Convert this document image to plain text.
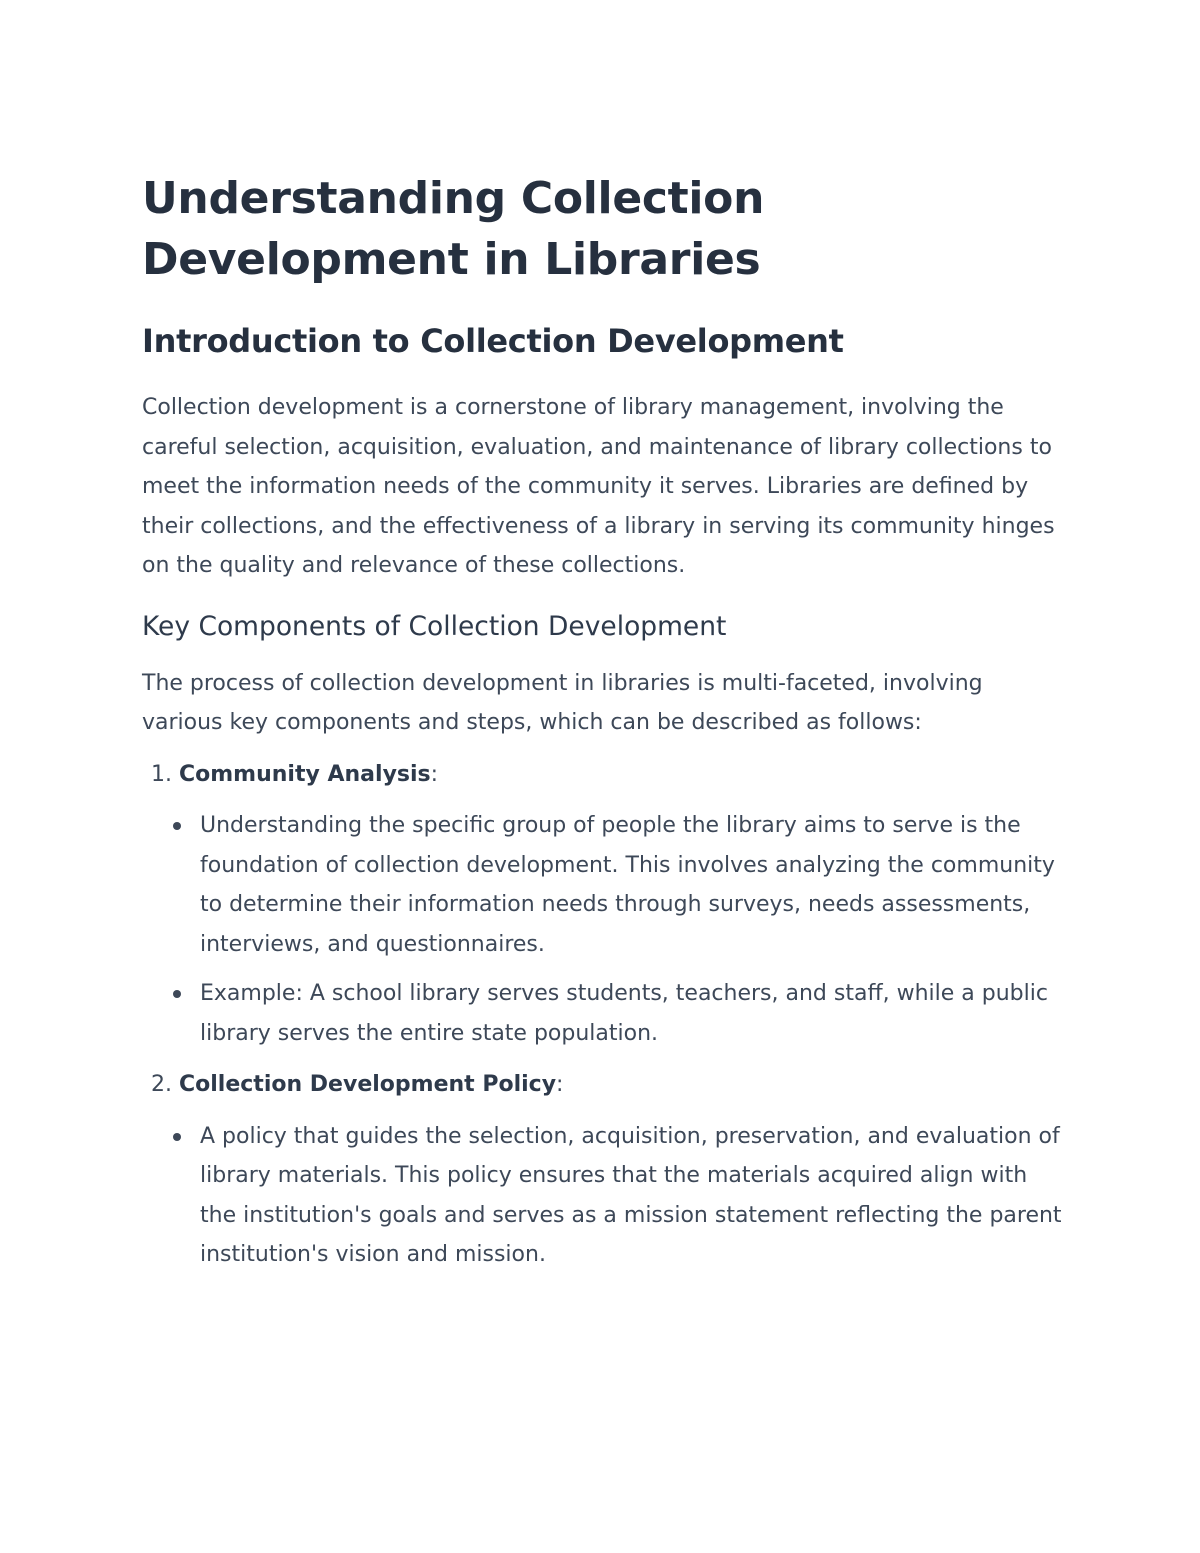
Understanding Collection Development in Libraries
Introduction to Collection Development

Collection development is a cornerstone of library management, involving the careful selection, acquisition, evaluation, and maintenance of library collections to meet the information needs of the community it serves. Libraries are defined by their collections, and the effectiveness of a library in serving its community hinges on the quality and relevance of these collections.

Key Components of Collection Development

The process of collection development in libraries is multi-faceted, involving various key components and steps, which can be described as follows:

1. Community Analysis:
Understanding the specific group of people the library aims to serve is the foundation of collection development. This involves analyzing the community to determine their information needs through surveys, needs assessments, interviews, and questionnaires.
Example: A school library serves students, teachers, and staff, while a public library serves the entire state population.
2. Collection Development Policy:
A policy that guides the selection, acquisition, preservation, and evaluation of library materials. This policy ensures that the materials acquired align with the institution's goals and serves as a mission statement reflecting the parent institution's vision and mission.
